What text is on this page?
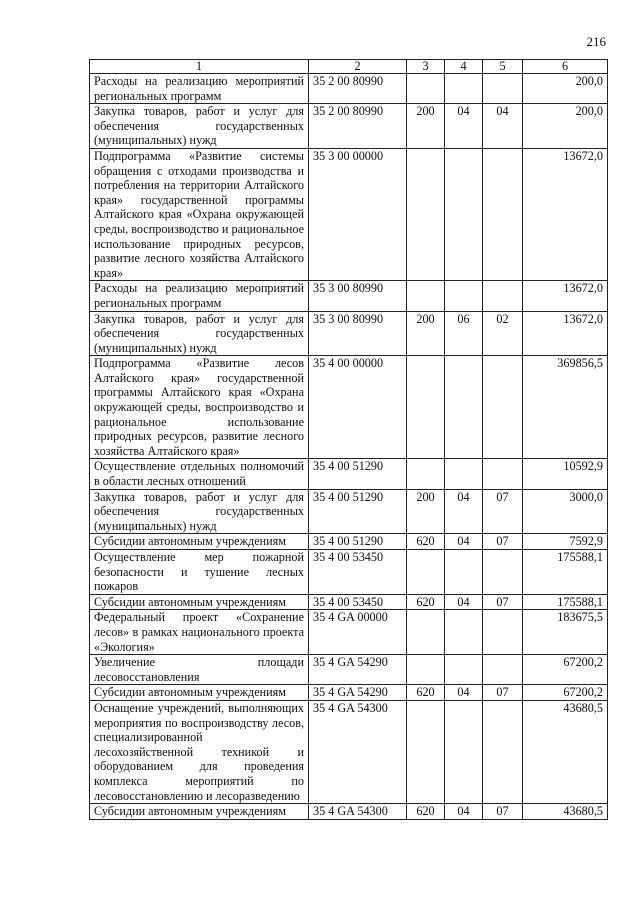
216
1	2	3	4	5	6
Расходы на реализацию мероприятий региональных программ	35 2 00 80990				200,0
Закупка товаров, работ и услуг для обеспечения государственных (муниципальных) нужд	35 2 00 80990	200	04	04	200,0
Подпрограмма «Развитие системы обращения с отходами производства и потребления на территории Алтайского края» государственной программы Алтайского края «Охрана окружающей среды, воспроизводство и рациональное использование природных ресурсов, развитие лесного хозяйства Алтайского края»	35 3 00 00000				13672,0
Расходы на реализацию мероприятий региональных программ	35 3 00 80990				13672,0
Закупка товаров, работ и услуг для обеспечения государственных (муниципальных) нужд	35 3 00 80990	200	06	02	13672,0
Подпрограмма «Развитие лесов Алтайского края» государственной программы Алтайского края «Охрана окружающей среды, воспроизводство и рациональное использование природных ресурсов, развитие лесного хозяйства Алтайского края»	35 4 00 00000				369856,5
Осуществление отдельных полномочий в области лесных отношений	35 4 00 51290				10592,9
Закупка товаров, работ и услуг для обеспечения государственных (муниципальных) нужд	35 4 00 51290	200	04	07	3000,0
Субсидии автономным учреждениям	35 4 00 51290	620	04	07	7592,9
Осуществление мер пожарной безопасности и тушение лесных пожаров	35 4 00 53450				175588,1
Субсидии автономным учреждениям	35 4 00 53450	620	04	07	175588,1
Федеральный проект «Сохранение лесов» в рамках национального проекта «Экология»	35 4 GA 00000				183675,5
Увеличение площади лесовосстановления	35 4 GA 54290				67200,2
Субсидии автономным учреждениям	35 4 GA 54290	620	04	07	67200,2
Оснащение учреждений, выполняющих мероприятия по воспроизводству лесов, специализированной лесохозяйственной техникой и оборудованием для проведения комплекса мероприятий по лесовосстановлению и лесоразведению	35 4 GA 54300				43680,5
Субсидии автономным учреждениям	35 4 GA 54300	620	04	07	43680,5
